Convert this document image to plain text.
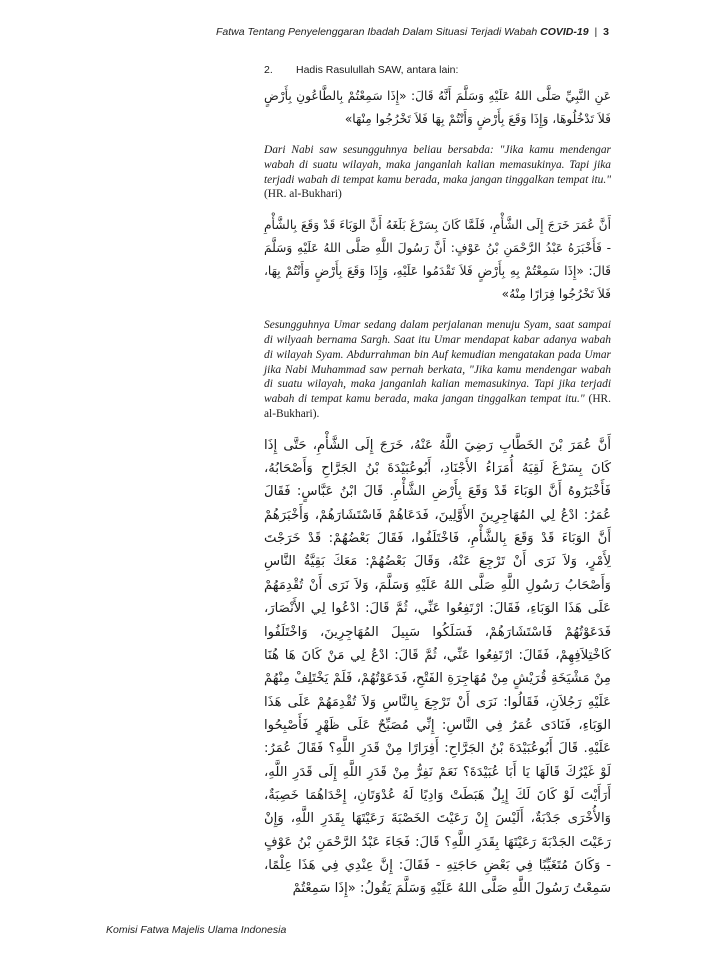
Fatwa Tentang Penyelenggaran Ibadah Dalam Situasi Terjadi Wabah COVID-19 | 3
2. Hadis Rasulullah SAW, antara lain:

عَنِ النَّبِيِّ صَلَّى اللهُ عَلَيْهِ وَسَلَّمَ أَنَّهُ قَالَ: «إِذَا سَمِعْتُمْ بِالطَّاعُونِ بِأَرْضٍ فَلاَ تَدْخُلُوهَا، وَإِذَا وَقَعَ بِأَرْضٍ وَأَنْتُمْ بِهَا فَلاَ تَخْرُجُوا مِنْهَا»

Dari Nabi saw sesungguhnya beliau bersabda: "Jika kamu mendengar wabah di suatu wilayah, maka janganlah kalian memasukinya. Tapi jika terjadi wabah di tempat kamu berada, maka jangan tinggalkan tempat itu." (HR. al-Bukhari)

أَنَّ عُمَرَ خَرَجَ إِلَى الشَّأْمِ، فَلَمَّا كَانَ بِسَرْغَ بَلَغَهُ أَنَّ الوَبَاءَ قَدْ وَقَعَ بِالشَّأْمِ - فَأَخْبَرَهُ عَبْدُ الرَّحْمَنِ بْنُ عَوْفٍ: أَنَّ رَسُولَ اللَّهِ صَلَّى اللهُ عَلَيْهِ وَسَلَّمَ قَالَ: «إِذَا سَمِعْتُمْ بِهِ بِأَرْضٍ فَلاَ تَقْدَمُوا عَلَيْهِ، وَإِذَا وَقَعَ بِأَرْضٍ وَأَنْتُمْ بِهَا، فَلاَ تَخْرُجُوا فِرَارًا مِنْهُ»

Sesungguhnya Umar sedang dalam perjalanan menuju Syam, saat sampai di wilyaah bernama Sargh. Saat itu Umar mendapat kabar adanya wabah di wilayah Syam. Abdurrahman bin Auf kemudian mengatakan pada Umar jika Nabi Muhammad saw pernah berkata, "Jika kamu mendengar wabah di suatu wilayah, maka janganlah kalian memasukinya. Tapi jika terjadi wabah di tempat kamu berada, maka jangan tinggalkan tempat itu." (HR. al-Bukhari).

أَنَّ عُمَرَ بْنَ الخَطَّابِ رَضِيَ اللَّهُ عَنْهُ، خَرَجَ إِلَى الشَّأْمِ، حَتَّى إِذَا كَانَ بِسَرْغَ لَقِيَهُ أُمَرَاءُ الأَجْنَادِ، أَبُوعُبَيْدَةَ بْنُ الجَرَّاحِ وَأَصْحَابُهُ، فَأَخْبَرُوهُ أَنَّ الوَبَاءَ قَدْ وَقَعَ بِأَرْضِ الشَّأْمِ. قَالَ ابْنُ عَبَّاسٍ: فَقَالَ عُمَرُ: ادْعُ لِي المُهَاجِرِينَ الأَوَّلِينَ، فَدَعَاهُمْ فَاسْتَشَارَهُمْ، وَأَخْبَرَهُمْ أَنَّ الوَبَاءَ قَدْ وَقَعَ بِالشَّأْمِ، فَاخْتَلَفُوا، فَقَالَ بَعْضُهُمْ: قَدْ خَرَجْتَ لِأَمْرٍ، وَلاَ نَرَى أَنْ تَرْجِعَ عَنْهُ، وَقَالَ بَعْضُهُمْ: مَعَكَ بَقِيَّةُ النَّاسِ وَأَصْحَابُ رَسُولِ اللَّهِ صَلَّى اللهُ عَلَيْهِ وَسَلَّمَ، وَلاَ نَرَى أَنْ تُقْدِمَهُمْ عَلَى هَذَا الوَبَاءِ، فَقَالَ: ارْتَفِعُوا عَنِّي، ثُمَّ قَالَ: ادْعُوا لِي الأَنْصَارَ، فَدَعَوْتُهُمْ فَاسْتَشَارَهُمْ، فَسَلَكُوا سَبِيلَ المُهَاجِرِينَ، وَاخْتَلَفُوا كَاخْتِلاَفِهِمْ، فَقَالَ: ارْتَفِعُوا عَنِّي، ثُمَّ قَالَ: ادْعُ لِي مَنْ كَانَ هَا هُنَا مِنْ مَشْيَخَةِ قُرَيْشٍ مِنْ مُهَاجِرَةِ الفَتْحِ، فَدَعَوْتُهُمْ، فَلَمْ يَخْتَلِفْ مِنْهُمْ عَلَيْهِ رَجُلاَنِ، فَقَالُوا: نَرَى أَنْ تَرْجِعَ بِالنَّاسِ وَلاَ تُقْدِمَهُمْ عَلَى هَذَا الوَبَاءِ، فَنَادَى عُمَرُ فِي النَّاسِ: إِنِّي مُصَبِّحٌ عَلَى ظَهْرٍ فَأَصْبِحُوا عَلَيْهِ. قَالَ أَبُوعُبَيْدَةَ بْنُ الجَرَّاحِ: أَفِرَارًا مِنْ قَدَرِ اللَّهِ؟ فَقَالَ عُمَرُ: لَوْ غَيْرُكَ قَالَهَا يَا أَبَا عُبَيْدَةَ؟ نَعَمْ نَفِرُّ مِنْ قَدَرِ اللَّهِ إِلَى قَدَرِ اللَّهِ، أَرَأَيْتَ لَوْ كَانَ لَكَ إِبِلٌ هَبَطَتْ وَادِيًا لَهُ عُدْوَتَانِ، إِحْدَاهُمَا خَصِبَةٌ، وَالأُخْرَى جَدْبَةٌ، أَلَيْسَ إِنْ رَعَيْتَ الخَصْبَةَ رَعَيْتَهَا بِقَدَرِ اللَّهِ، وَإِنْ رَعَيْتَ الجَدْبَةَ رَعَيْتَهَا بِقَدَرِ اللَّهِ؟ قَالَ: فَجَاءَ عَبْدُ الرَّحْمَنِ بْنُ عَوْفٍ - وَكَانَ مُتَغَيِّبًا فِي بَعْضِ حَاجَتِهِ - فَقَالَ: إِنَّ عِنْدِي فِي هَذَا عِلْمًا، سَمِعْتُ رَسُولَ اللَّهِ صَلَّى اللهُ عَلَيْهِ وَسَلَّمَ يَقُولُ: «إِذَا سَمِعْتُمْ

Komisi Fatwa Majelis Ulama Indonesia
